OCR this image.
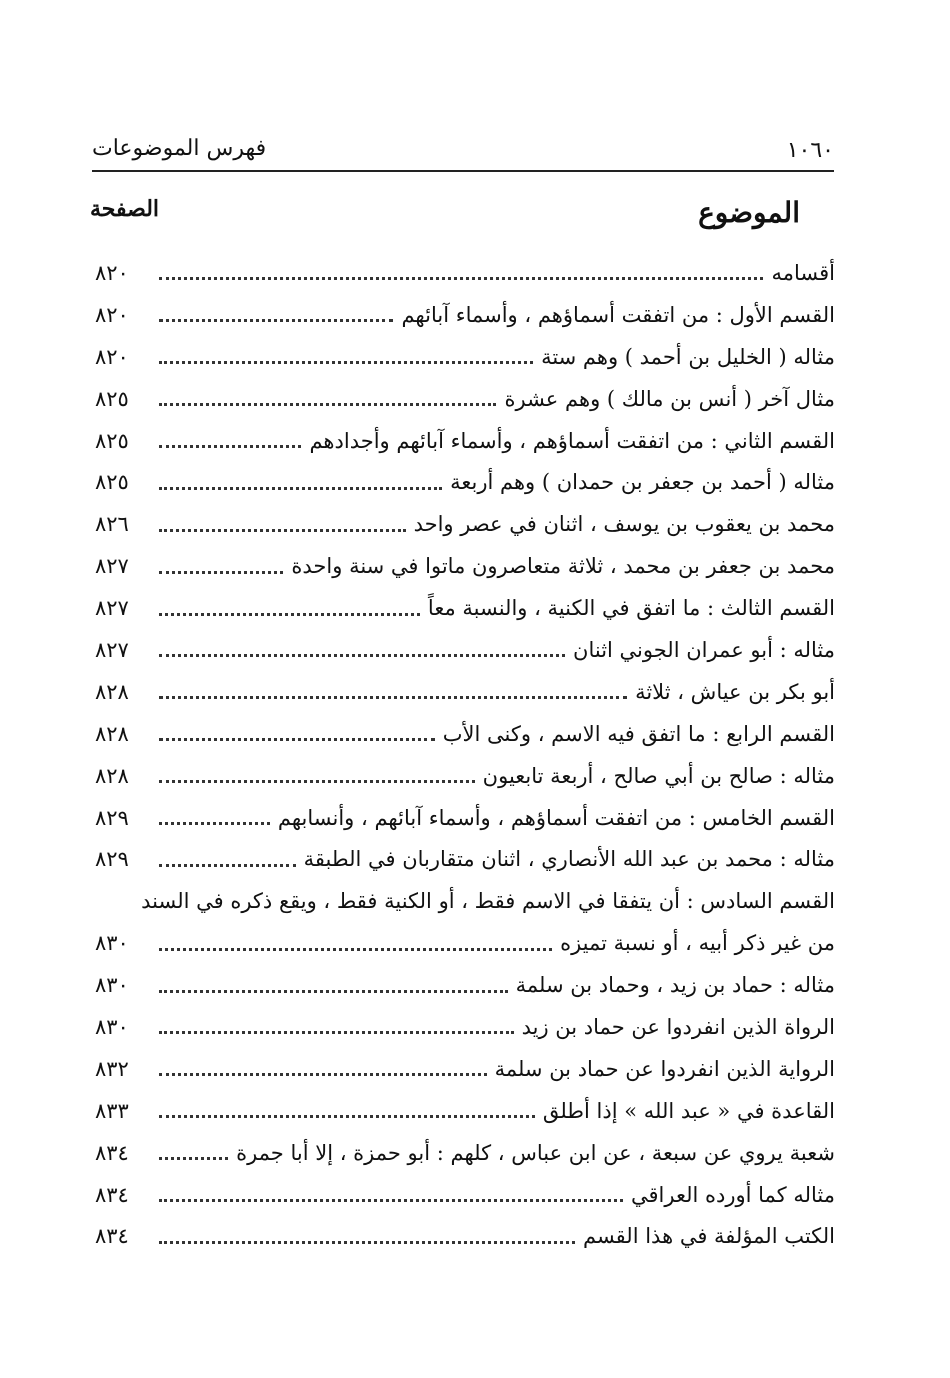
١٠٦٠
فهرس الموضوعات
الموضوع
الصفحة
أقسامه
٨٢٠
القسم الأول : من اتفقت أسماؤهم ، وأسماء آبائهم
٨٢٠
مثاله ( الخليل بن أحمد ) وهم ستة
٨٢٠
مثال آخر ( أنس بن مالك ) وهم عشرة
٨٢٥
القسم الثاني : من اتفقت أسماؤهم ، وأسماء آبائهم وأجدادهم
٨٢٥
مثاله ( أحمد بن جعفر بن حمدان ) وهم أربعة
٨٢٥
محمد بن يعقوب بن يوسف ، اثنان في عصر واحد
٨٢٦
محمد بن جعفر بن محمد ، ثلاثة متعاصرون ماتوا في سنة واحدة
٨٢٧
القسم الثالث : ما اتفق في الكنية ، والنسبة معاً
٨٢٧
مثاله : أبو عمران الجوني اثنان
٨٢٧
أبو بكر بن عياش ، ثلاثة
٨٢٨
القسم الرابع : ما اتفق فيه الاسم ، وكنى الأب
٨٢٨
مثاله : صالح بن أبي صالح ، أربعة تابعيون
٨٢٨
القسم الخامس : من اتفقت أسماؤهم ، وأسماء آبائهم ، وأنسابهم
٨٢٩
مثاله : محمد بن عبد الله الأنصاري ، اثنان متقاربان في الطبقة
٨٢٩
القسم السادس : أن يتفقا في الاسم فقط ، أو الكنية فقط ، ويقع ذكره في السند
من غير ذكر أبيه ، أو نسبة تميزه
٨٣٠
مثاله : حماد بن زيد ، وحماد بن سلمة
٨٣٠
الرواة الذين انفردوا عن حماد بن زيد
٨٣٠
الرواية الذين انفردوا عن حماد بن سلمة
٨٣٢
القاعدة في « عبد الله » إذا أطلق
٨٣٣
شعبة يروي عن سبعة ، عن ابن عباس ، كلهم : أبو حمزة ، إلا أبا جمرة
٨٣٤
مثاله كما أورده العراقي
٨٣٤
الكتب المؤلفة في هذا القسم
٨٣٤
